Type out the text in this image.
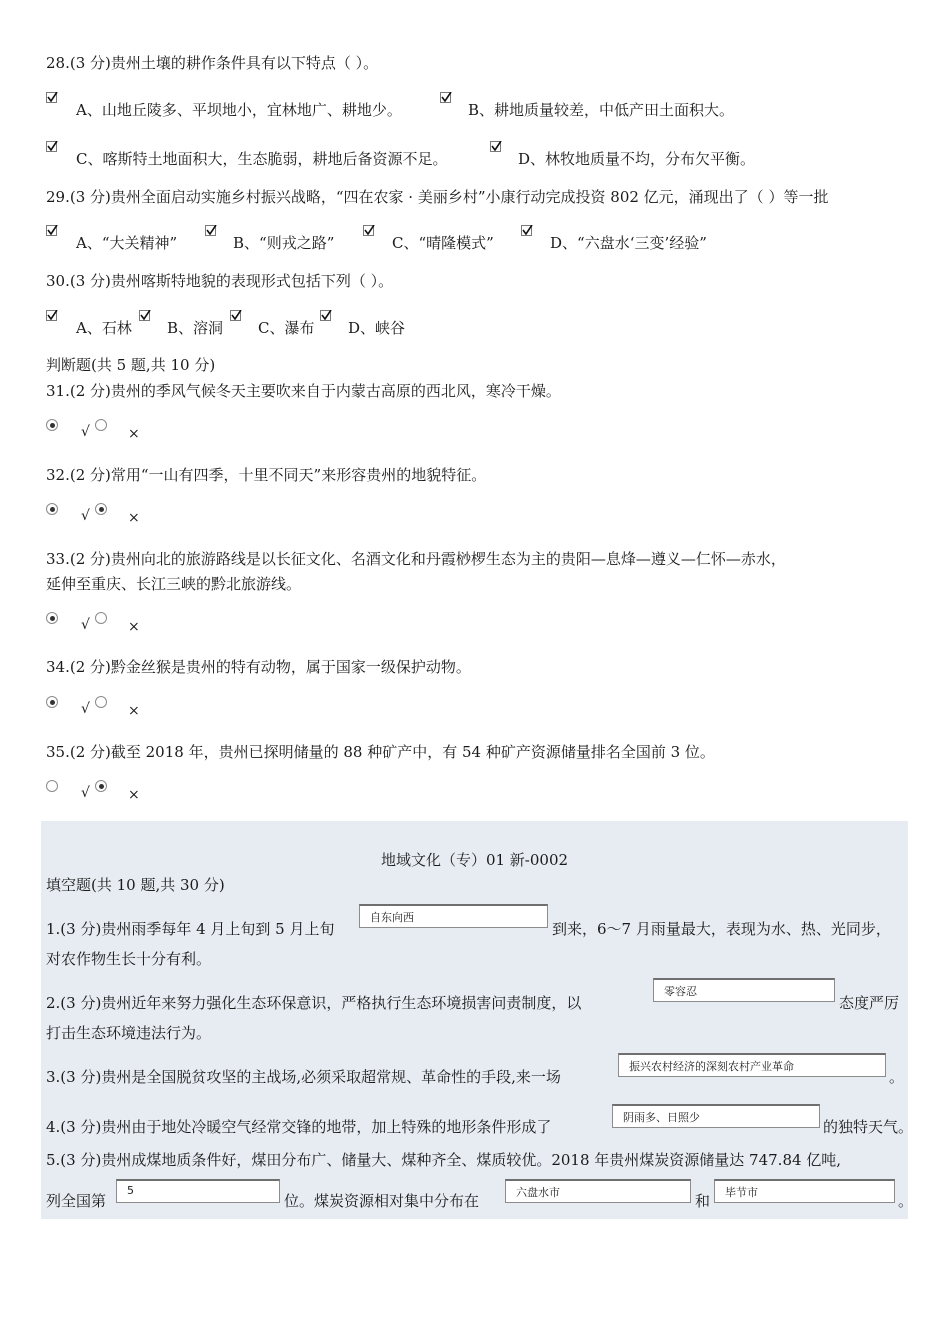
28.(3 分)贵州土壤的耕作条件具有以下特点（ ）。
A、山地丘陵多、平坝地小，宜林地广、耕地少。	B、耕地质量较差，中低产田土面积大。
C、喀斯特土地面积大，生态脆弱，耕地后备资源不足。	D、林牧地质量不均，分布欠平衡。
29.(3 分)贵州全面启动实施乡村振兴战略，“四在农家 · 美丽乡村”小康行动完成投资 802 亿元，涌现出了（ ）等一批
A、“大关精神”	B、“则戎之路”	C、“晴隆模式”	D、“六盘水‘三变’经验”
30.(3 分)贵州喀斯特地貌的表现形式包括下列（ ）。
A、石林 B、溶洞 C、瀑布 D、峡谷
判断题(共 5 题,共 10 分)
31.(2 分)贵州的季风气候冬天主要吹来自于内蒙古高原的西北风，寒冷干燥。
√	×
32.(2 分)常用“一山有四季，十里不同天”来形容贵州的地貌特征。
√	×
33.(2 分)贵州向北的旅游路线是以长征文化、名酒文化和丹霞桫椤生态为主的贵阳—息烽—遵义—仁怀—赤水，
延伸至重庆、长江三峡的黔北旅游线。
√	×
34.(2 分)黔金丝猴是贵州的特有动物，属于国家一级保护动物。
√	×
35.(2 分)截至 2018 年，贵州已探明储量的 88 种矿产中，有 54 种矿产资源储量排名全国前 3 位。
√	×
地域文化（专）01 新-0002
填空题(共 10 题,共 30 分)
1.(3 分)贵州雨季每年 4 月上旬到 5 月上旬
自东向西
到来，6～7 月雨量最大，表现为水、热、光同步，
对农作物生长十分有利。
2.(3 分)贵州近年来努力强化生态环保意识，严格执行生态环境损害问责制度，以
零容忍
态度严厉
打击生态环境违法行为。
3.(3 分)贵州是全国脱贫攻坚的主战场,必须采取超常规、革命性的手段,来一场
振兴农村经济的深刻农村产业革命
。
4.(3 分)贵州由于地处冷暖空气经常交锋的地带，加上特殊的地形条件形成了
阴雨多、日照少
的独特天气。
5.(3 分)贵州成煤地质条件好，煤田分布广、储量大、煤种齐全、煤质较优。2018 年贵州煤炭资源储量达 747.84 亿吨,
列全国第
5
位。煤炭资源相对集中分布在	六盘水市	和	毕节市	。
